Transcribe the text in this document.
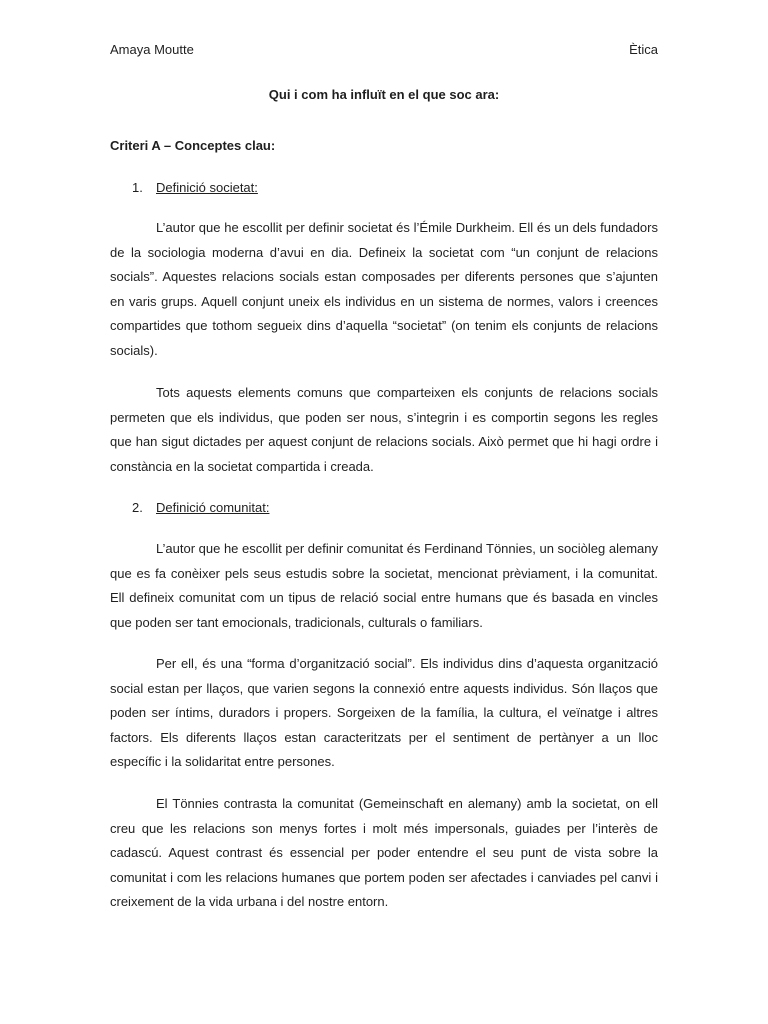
Amaya Moutte	Ètica
Qui i com ha influït en el que soc ara:
Criteri A – Conceptes clau:
1.	Definició societat:

L’autor que he escollit per definir societat és l’Émile Durkheim. Ell és un dels fundadors de la sociologia moderna d’avui en dia. Defineix la societat com “un conjunt de relacions socials”. Aquestes relacions socials estan composades per diferents persones que s’ajunten en varis grups. Aquell conjunt uneix els individus en un sistema de normes, valors i creences compartides que tothom segueix dins d’aquella “societat” (on tenim els conjunts de relacions socials).

Tots aquests elements comuns que comparteixen els conjunts de relacions socials permeten que els individus, que poden ser nous, s’integrin i es comportin segons les regles que han sigut dictades per aquest conjunt de relacions socials. Això permet que hi hagi ordre i constància en la societat compartida i creada.

2.	Definició comunitat:

L’autor que he escollit per definir comunitat és Ferdinand Tönnies, un sociòleg alemany que es fa conèixer pels seus estudis sobre la societat, mencionat prèviament, i la comunitat. Ell defineix comunitat com un tipus de relació social entre humans que és basada en vincles que poden ser tant emocionals, tradicionals, culturals o familiars.

Per ell, és una “forma d’organització social”. Els individus dins d’aquesta organització social estan per llaços, que varien segons la connexió entre aquests individus. Són llaços que poden ser íntims, duradors i propers. Sorgeixen de la família, la cultura, el veïnatge i altres factors. Els diferents llaços estan caracteritzats per el sentiment de pertànyer a un lloc específic i la solidaritat entre persones.

El Tönnies contrasta la comunitat (Gemeinschaft en alemany) amb la societat, on ell creu que les relacions son menys fortes i molt més impersonals, guiades per l’interès de cadascú. Aquest contrast és essencial per poder entendre el seu punt de vista sobre la comunitat i com les relacions humanes que portem poden ser afectades i canviades pel canvi i creixement de la vida urbana i del nostre entorn.
